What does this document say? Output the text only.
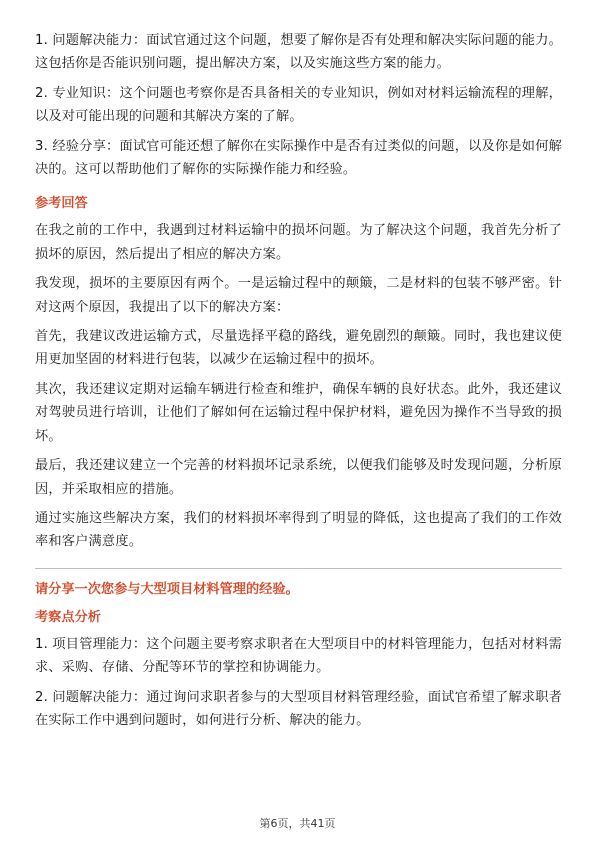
1. 问题解决能力：面试官通过这个问题，想要了解你是否有处理和解决实际问题的能力。这包括你是否能识别问题，提出解决方案，以及实施这些方案的能力。

2. 专业知识：这个问题也考察你是否具备相关的专业知识，例如对材料运输流程的理解，以及对可能出现的问题和其解决方案的了解。

3. 经验分享：面试官可能还想了解你在实际操作中是否有过类似的问题，以及你是如何解决的。这可以帮助他们了解你的实际操作能力和经验。

参考回答

在我之前的工作中，我遇到过材料运输中的损坏问题。为了解决这个问题，我首先分析了损坏的原因，然后提出了相应的解决方案。

我发现，损坏的主要原因有两个。一是运输过程中的颠簸，二是材料的包装不够严密。针对这两个原因，我提出了以下的解决方案：

首先，我建议改进运输方式，尽量选择平稳的路线，避免剧烈的颠簸。同时，我也建议使用更加坚固的材料进行包装，以减少在运输过程中的损坏。

其次，我还建议定期对运输车辆进行检查和维护，确保车辆的良好状态。此外，我还建议对驾驶员进行培训，让他们了解如何在运输过程中保护材料，避免因为操作不当导致的损坏。

最后，我还建议建立一个完善的材料损坏记录系统，以便我们能够及时发现问题，分析原因，并采取相应的措施。

通过实施这些解决方案，我们的材料损坏率得到了明显的降低，这也提高了我们的工作效率和客户满意度。

请分享一次您参与大型项目材料管理的经验。
考察点分析

1. 项目管理能力：这个问题主要考察求职者在大型项目中的材料管理能力，包括对材料需求、采购、存储、分配等环节的掌控和协调能力。

2. 问题解决能力：通过询问求职者参与的大型项目材料管理经验，面试官希望了解求职者在实际工作中遇到问题时，如何进行分析、解决的能力。

第6页，共41页
